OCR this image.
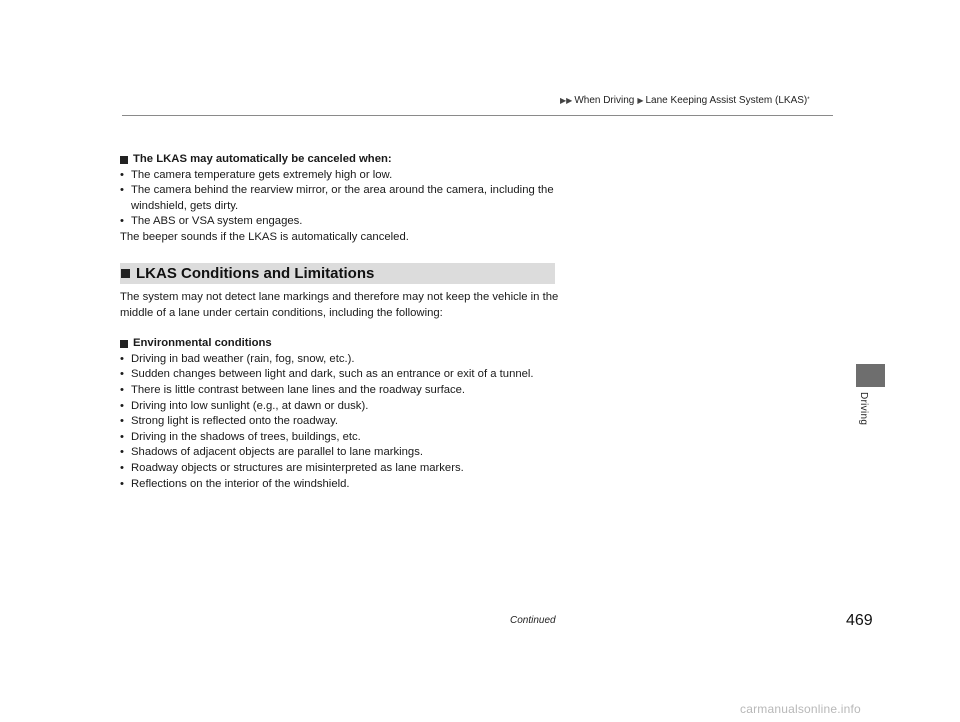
▶▶ When Driving ▶ Lane Keeping Assist System (LKAS) *
The LKAS may automatically be canceled when:
• The camera temperature gets extremely high or low.
• The camera behind the rearview mirror, or the area around the camera, including the windshield, gets dirty.
• The ABS or VSA system engages.
The beeper sounds if the LKAS is automatically canceled.
LKAS Conditions and Limitations
The system may not detect lane markings and therefore may not keep the vehicle in the middle of a lane under certain conditions, including the following:
Environmental conditions
• Driving in bad weather (rain, fog, snow, etc.).
• Sudden changes between light and dark, such as an entrance or exit of a tunnel.
• There is little contrast between lane lines and the roadway surface.
• Driving into low sunlight (e.g., at dawn or dusk).
• Strong light is reflected onto the roadway.
• Driving in the shadows of trees, buildings, etc.
• Shadows of adjacent objects are parallel to lane markings.
• Roadway objects or structures are misinterpreted as lane markers.
• Reflections on the interior of the windshield.
Driving
Continued	469
carmanualsonline.info
